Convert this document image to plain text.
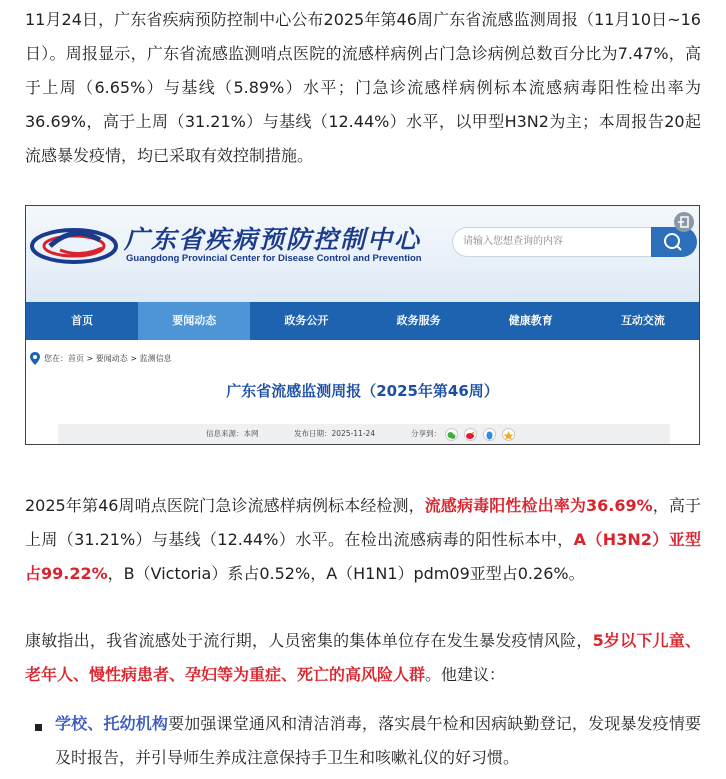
11月24日，广东省疾病预防控制中心公布2025年第46周广东省流感监测周报（11月10日~16日）。周报显示，广东省流感监测哨点医院的流感样病例占门急诊病例总数百分比为7.47%，高于上周（6.65%）与基线（5.89%）水平；门急诊流感样病例标本流感病毒阳性检出率为36.69%，高于上周（31.21%）与基线（12.44%）水平，以甲型H3N2为主；本周报告20起流感暴发疫情，均已采取有效控制措施。

广东省疾病预防控制中心
Guangdong Provincial Center for Disease Control and Prevention
请输入您想查询的内容
首页	要闻动态	政务公开	政务服务	健康教育	互动交流
您在：首页 > 要闻动态 > 监测信息
广东省流感监测周报（2025年第46周）
信息来源：本网	发布日期：2025-11-24	分享到：

2025年第46周哨点医院门急诊流感样病例标本经检测，流感病毒阳性检出率为36.69%，高于上周（31.21%）与基线（12.44%）水平。在检出流感病毒的阳性标本中，A（H3N2）亚型占99.22%，B（Victoria）系占0.52%，A（H1N1）pdm09亚型占0.26%。

康敏指出，我省流感处于流行期，人员密集的集体单位存在发生暴发疫情风险，5岁以下儿童、老年人、慢性病患者、孕妇等为重症、死亡的高风险人群。他建议：

学校、托幼机构要加强课堂通风和清洁消毒，落实晨午检和因病缺勤登记，发现暴发疫情要及时报告，并引导师生养成注意保持手卫生和咳嗽礼仪的好习惯。
